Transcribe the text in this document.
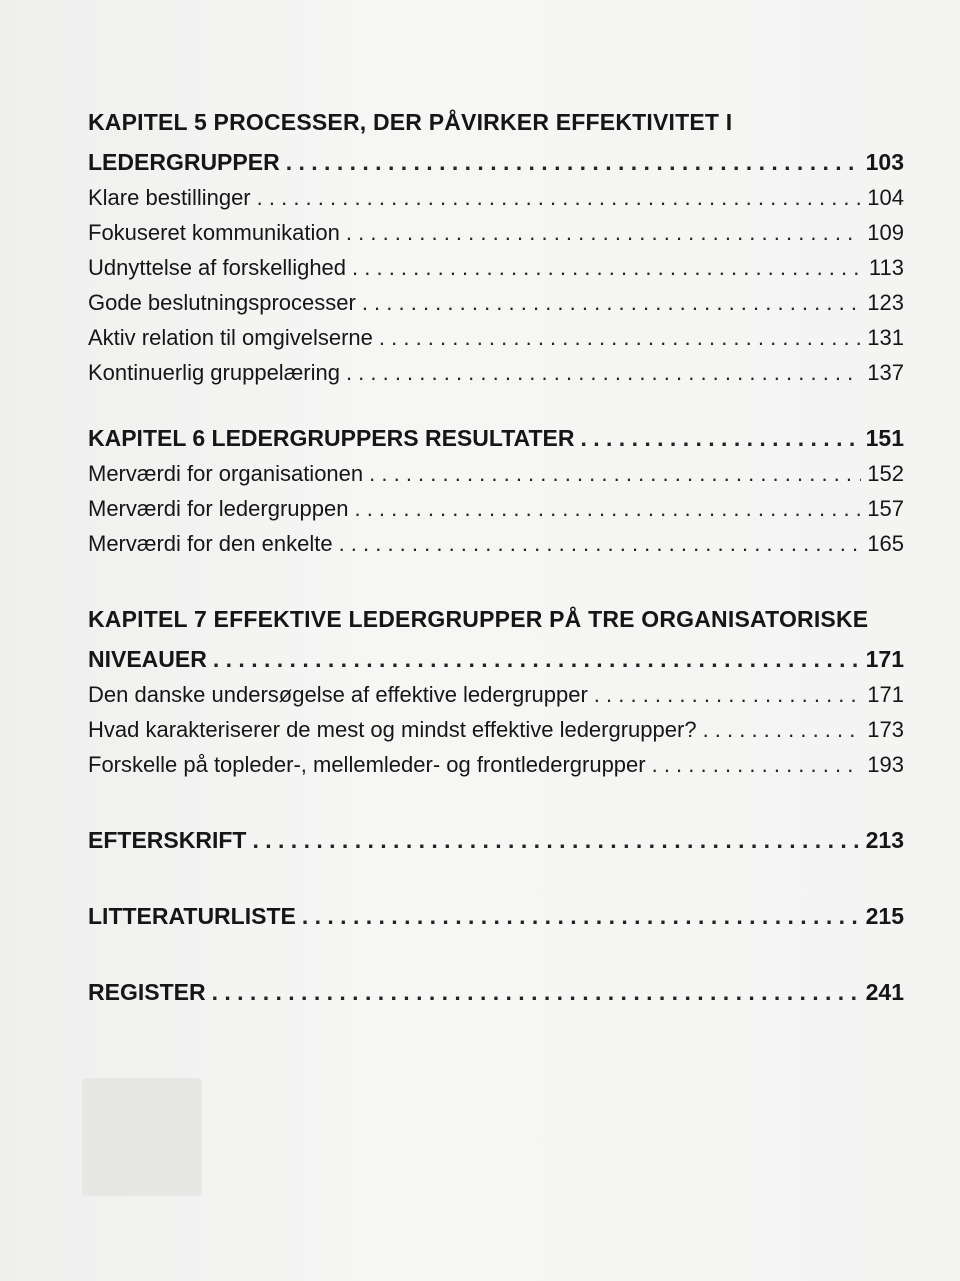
KAPITEL 5 PROCESSER, DER PÅVIRKER EFFEKTIVITET I

LEDERGRUPPER . . .	103
Klare bestillinger . . .	104
Fokuseret kommunikation . . .	109
Udnyttelse af forskellighed . . .	113
Gode beslutningsprocesser . . .	123
Aktiv relation til omgivelserne . . .	131
Kontinuerlig gruppelæring . . .	137
KAPITEL 6 LEDERGRUPPERS RESULTATER . . .	151
Merværdi for organisationen . . .	152
Merværdi for ledergruppen . . .	157
Merværdi for den enkelte . . .	165

KAPITEL 7 EFFEKTIVE LEDERGRUPPER PÅ TRE ORGANISATORISKE

NIVEAUER . . .	171
Den danske undersøgelse af effektive ledergrupper . . .	171
Hvad karakteriserer de mest og mindst effektive ledergrupper? . . .	173
Forskelle på topleder-, mellemleder- og frontledergrupper . . .	193
EFTERSKRIFT . . .	213
LITTERATURLISTE . . .	215
REGISTER . . .	241
